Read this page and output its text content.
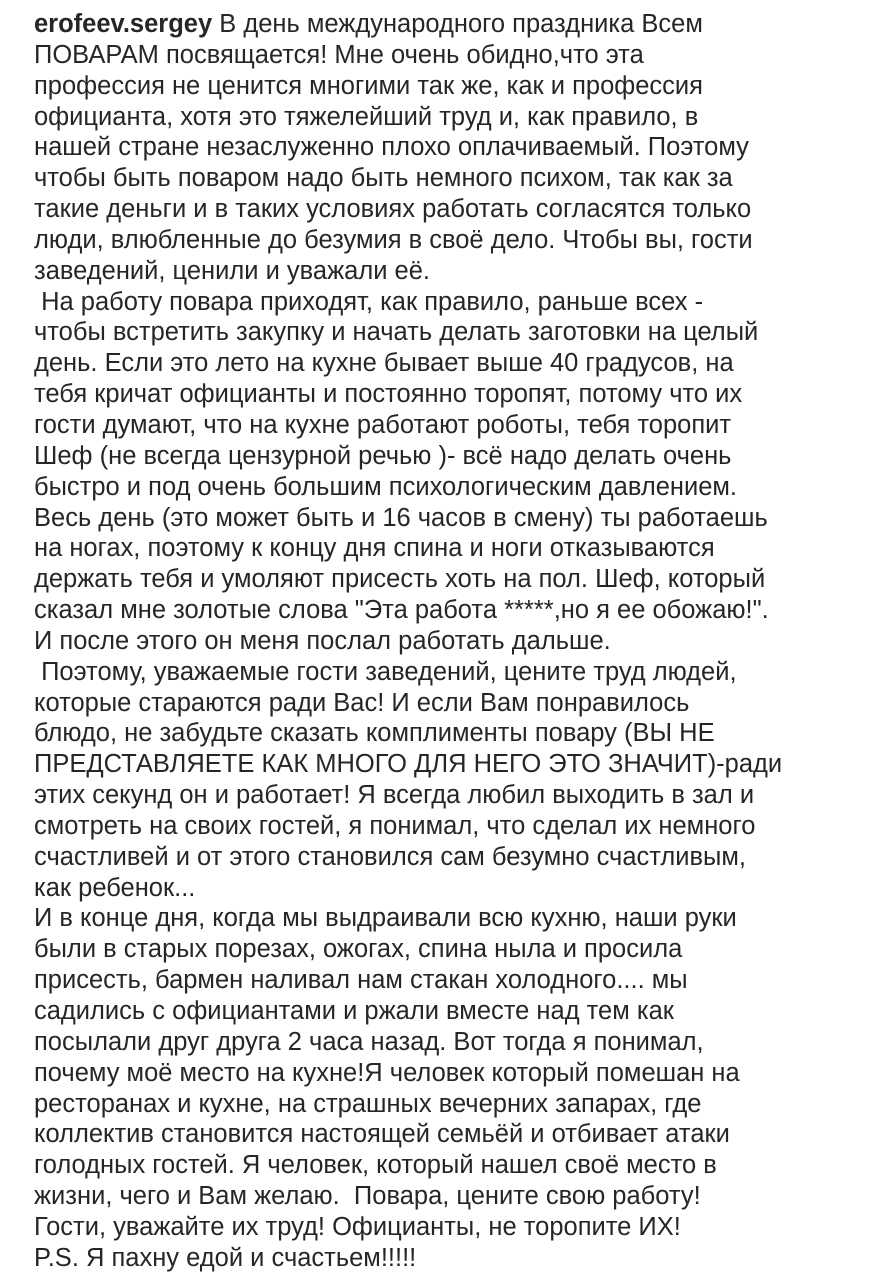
erofeev.sergey В день международного праздника Всем
ПОВАРАМ посвящается! Мне очень обидно,что эта
профессия не ценится многими так же, как и профессия
официанта, хотя это тяжелейший труд и, как правило, в
нашей стране незаслуженно плохо оплачиваемый. Поэтому
чтобы быть поваром надо быть немного психом, так как за
такие деньги и в таких условиях работать согласятся только
люди, влюбленные до безумия в своё дело. Чтобы вы, гости
заведений, ценили и уважали её.
На работу повара приходят, как правило, раньше всех -
чтобы встретить закупку и начать делать заготовки на целый
день. Если это лето на кухне бывает выше 40 градусов, на
тебя кричат официанты и постоянно торопят, потому что их
гости думают, что на кухне работают роботы, тебя торопит
Шеф (не всегда цензурной речью )- всё надо делать очень
быстро и под очень большим психологическим давлением.
Весь день (это может быть и 16 часов в смену) ты работаешь
на ногах, поэтому к концу дня спина и ноги отказываются
держать тебя и умоляют присесть хоть на пол. Шеф, который
сказал мне золотые слова "Эта работа *****,но я ее обожаю!".
И после этого он меня послал работать дальше.
Поэтому, уважаемые гости заведений, цените труд людей,
которые стараются ради Вас! И если Вам понравилось
блюдо, не забудьте сказать комплименты повару (ВЫ НЕ
ПРЕДСТАВЛЯЕТЕ КАК МНОГО ДЛЯ НЕГО ЭТО ЗНАЧИТ)-ради
этих секунд он и работает! Я всегда любил выходить в зал и
смотреть на своих гостей, я понимал, что сделал их немного
счастливей и от этого становился сам безумно счастливым,
как ребенок...
И в конце дня, когда мы выдраивали всю кухню, наши руки
были в старых порезах, ожогах, спина ныла и просила
присесть, бармен наливал нам стакан холодного.... мы
садились с официантами и ржали вместе над тем как
посылали друг друга 2 часа назад. Вот тогда я понимал,
почему моё место на кухне!Я человек который помешан на
ресторанах и кухне, на страшных вечерних запарах, где
коллектив становится настоящей семьёй и отбивает атаки
голодных гостей. Я человек, который нашел своё место в
жизни, чего и Вам желаю.  Повара, цените свою работу!
Гости, уважайте их труд! Официанты, не торопите ИХ!
P.S. Я пахну едой и счастьем!!!!!
